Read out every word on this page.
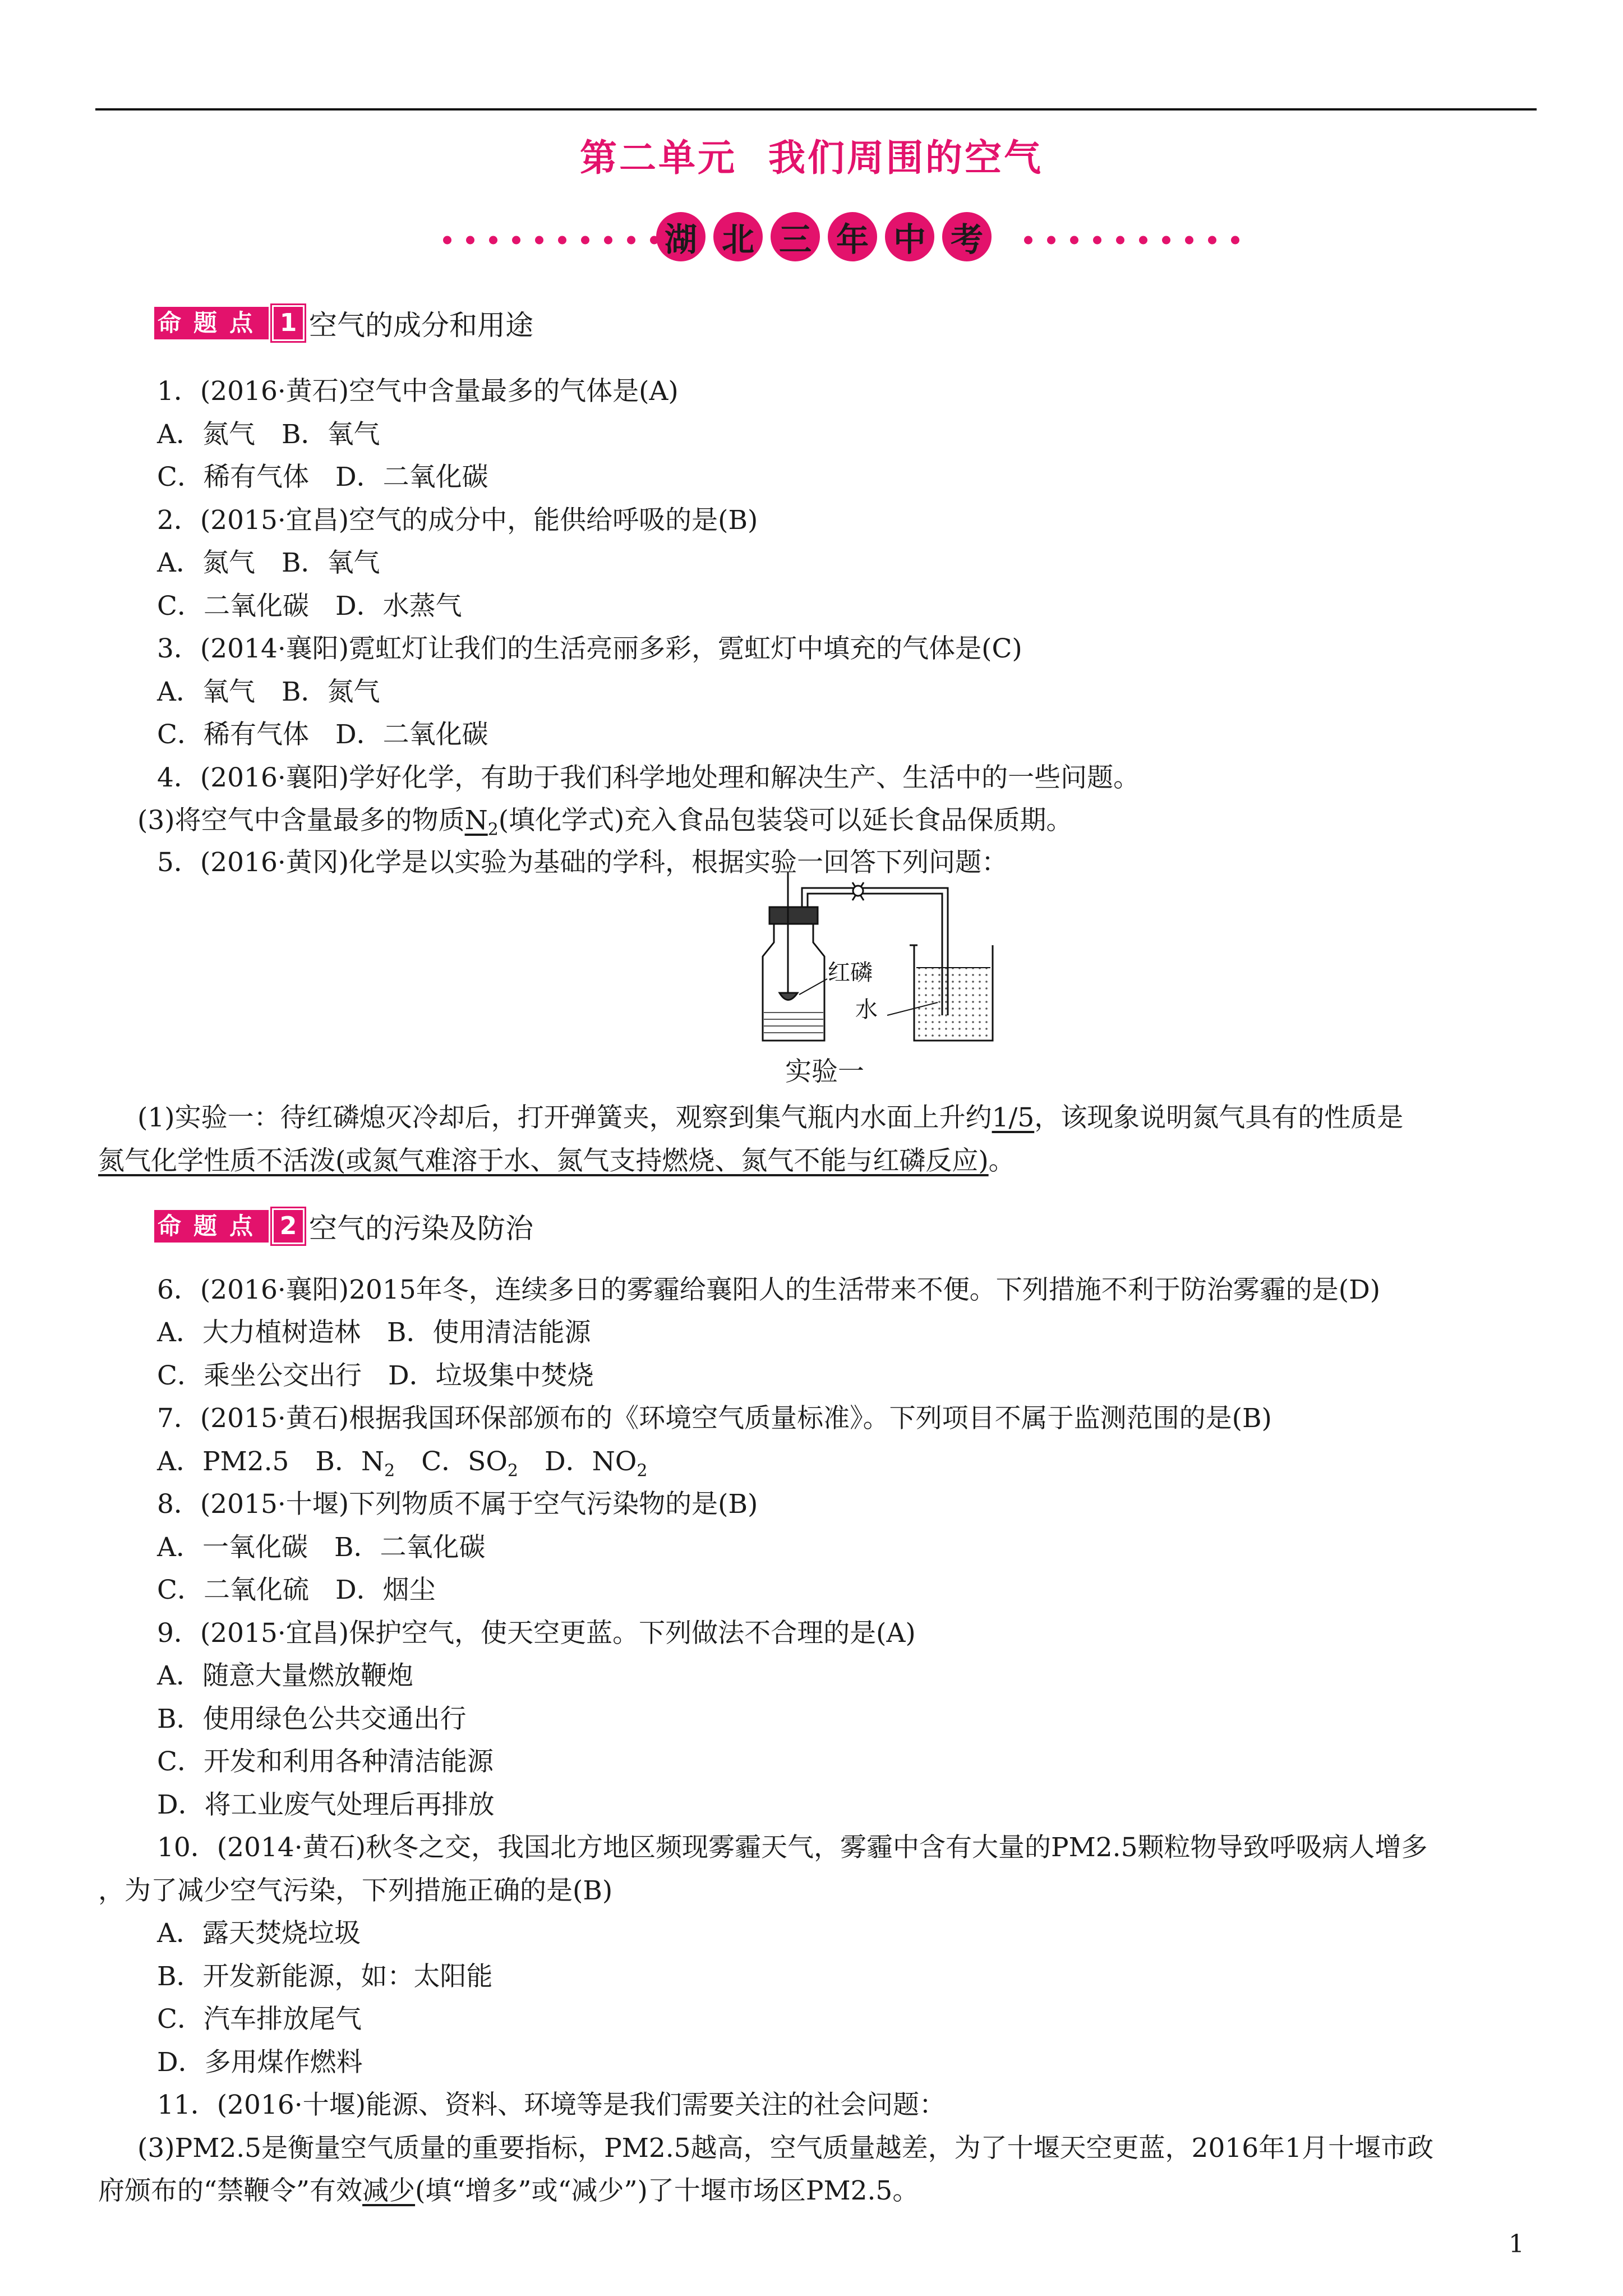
第二单元 我们周围的空气
湖 北 三 年 中 考
命题点 1 空气的成分和用途
1．(2016·黄石)空气中含量最多的气体是(A)
A．氮气　B．氧气
C．稀有气体　D．二氧化碳
2．(2015·宜昌)空气的成分中，能供给呼吸的是(B)
A．氮气　B．氧气
C．二氧化碳　D．水蒸气
3．(2014·襄阳)霓虹灯让我们的生活亮丽多彩，霓虹灯中填充的气体是(C)
A．氧气　B．氮气
C．稀有气体　D．二氧化碳
4．(2016·襄阳)学好化学，有助于我们科学地处理和解决生产、生活中的一些问题。
(3)将空气中含量最多的物质$N_2$(填化学式)充入食品包装袋可以延长食品保质期。
5．(2016·黄冈)化学是以实验为基础的学科，根据实验一回答下列问题：
红磷
水
实验一
(1)实验一：待红磷熄灭冷却后，打开弹簧夹，观察到集气瓶内水面上升约1/5，该现象说明氮气具有的性质是
氮气化学性质不活泼(或氮气难溶于水、氮气支持燃烧、氮气不能与红磷反应)。
命题点 2 空气的污染及防治
6．(2016·襄阳)2015年冬，连续多日的雾霾给襄阳人的生活带来不便。下列措施不利于防治雾霾的是(D)
A．大力植树造林　B．使用清洁能源
C．乘坐公交出行　D．垃圾集中焚烧
7．(2015·黄石)根据我国环保部颁布的《环境空气质量标准》。下列项目不属于监测范围的是(B)
A．PM2.5　B．$N_2$　C．$SO_2$　D．$NO_2$
8．(2015·十堰)下列物质不属于空气污染物的是(B)
A．一氧化碳　B．二氧化碳
C．二氧化硫　D．烟尘
9．(2015·宜昌)保护空气，使天空更蓝。下列做法不合理的是(A)
A．随意大量燃放鞭炮
B．使用绿色公共交通出行
C．开发和利用各种清洁能源
D．将工业废气处理后再排放
10．(2014·黄石)秋冬之交，我国北方地区频现雾霾天气，雾霾中含有大量的PM2.5颗粒物导致呼吸病人增多
，为了减少空气污染，下列措施正确的是(B)
A．露天焚烧垃圾
B．开发新能源，如：太阳能
C．汽车排放尾气
D．多用煤作燃料
11．(2016·十堰)能源、资料、环境等是我们需要关注的社会问题：
(3)PM2.5是衡量空气质量的重要指标，PM2.5越高，空气质量越差，为了十堰天空更蓝，2016年1月十堰市政
府颁布的“禁鞭令”有效减少(填“增多”或“减少”)了十堰市场区PM2.5。
1
